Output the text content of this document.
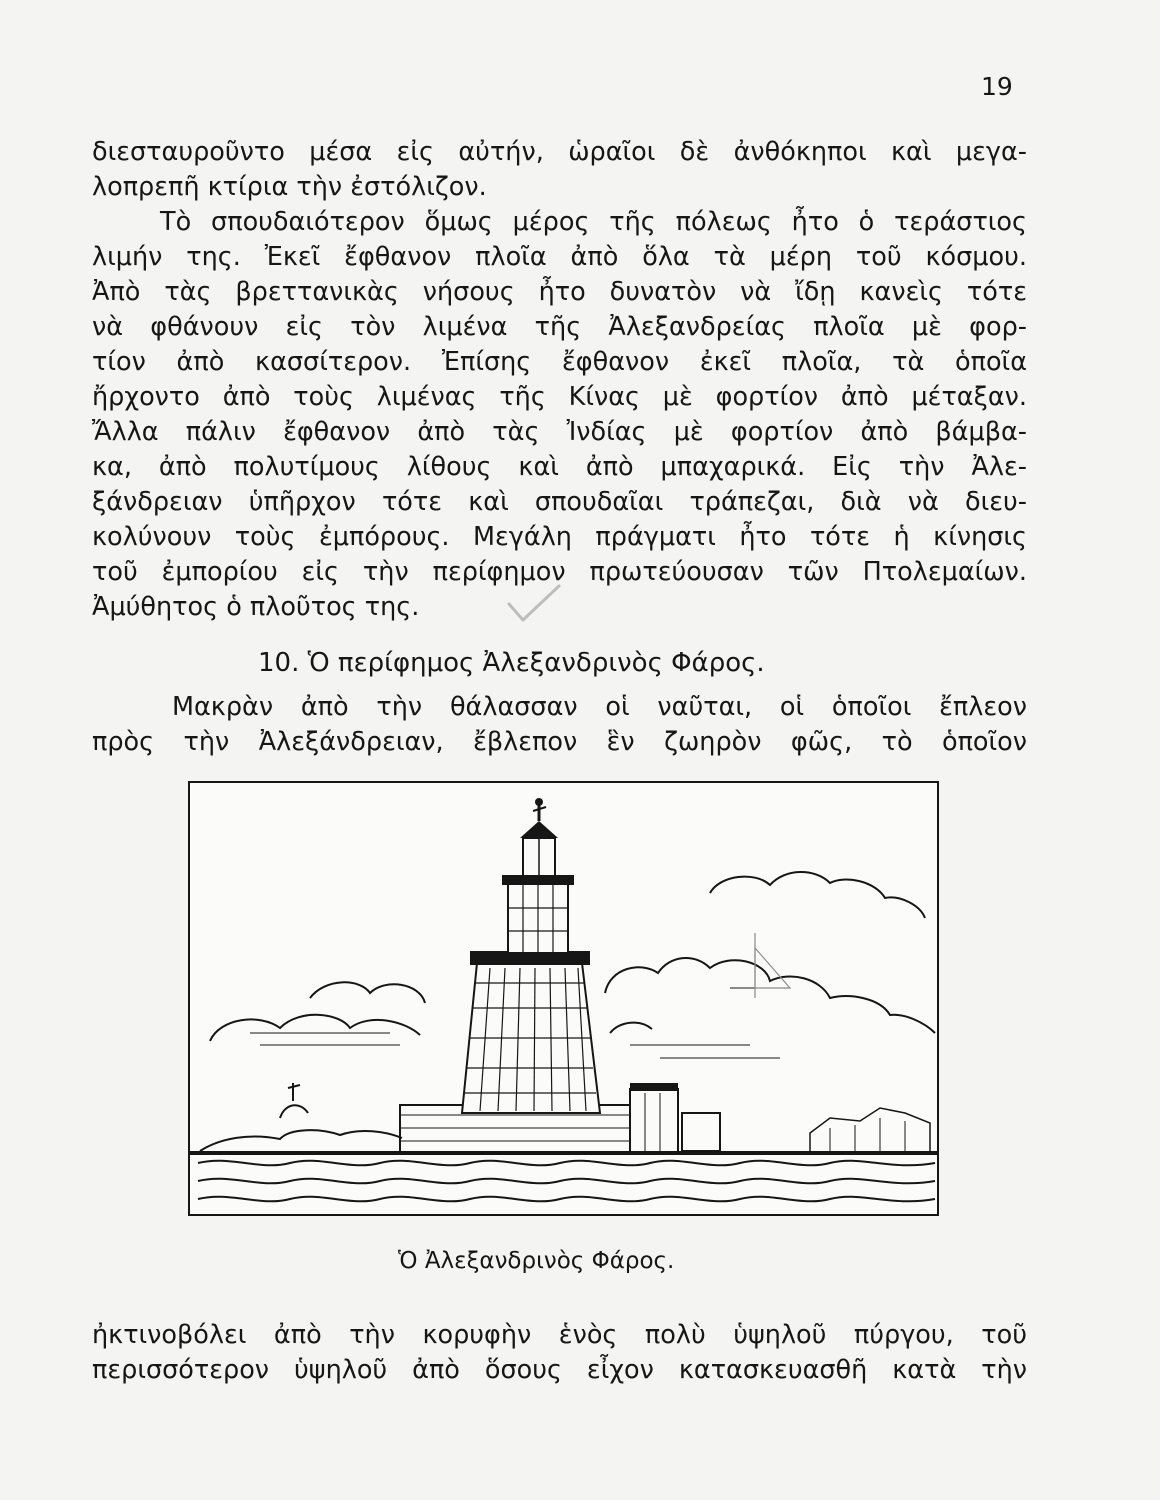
19
διεσταυροῦντο μέσα εἰς αὐτήν, ὡραῖοι δὲ ἀνθόκηποι καὶ μεγα-
λοπρεπῆ κτίρια τὴν ἐστόλιζον.
Τὸ σπουδαιότερον ὅμως μέρος τῆς πόλεως ἦτο ὁ τεράστιος
λιμήν της. Ἐκεῖ ἔφθανον πλοῖα ἀπὸ ὅλα τὰ μέρη τοῦ κόσμου.
Ἀπὸ τὰς βρεττανικὰς νήσους ἦτο δυνατὸν νὰ ἴδῃ κανεὶς τότε
νὰ φθάνουν εἰς τὸν λιμένα τῆς Ἀλεξανδρείας πλοῖα μὲ φορ-
τίον ἀπὸ κασσίτερον. Ἐπίσης ἔφθανον ἐκεῖ πλοῖα, τὰ ὁποῖα
ἤρχοντο ἀπὸ τοὺς λιμένας τῆς Κίνας μὲ φορτίον ἀπὸ μέταξαν.
Ἄλλα πάλιν ἔφθανον ἀπὸ τὰς Ἰνδίας μὲ φορτίον ἀπὸ βάμβα-
κα, ἀπὸ πολυτίμους λίθους καὶ ἀπὸ μπαχαρικά. Εἰς τὴν Ἀλε-
ξάνδρειαν ὑπῆρχον τότε καὶ σπουδαῖαι τράπεζαι, διὰ νὰ διευ-
κολύνουν τοὺς ἐμπόρους. Μεγάλη πράγματι ἦτο τότε ἡ κίνησις
τοῦ ἐμπορίου εἰς τὴν περίφημον πρωτεύουσαν τῶν Πτολεμαίων.
Ἀμύθητος ὁ πλοῦτος της.
Μακρὰν ἀπὸ τὴν θάλασσαν οἱ ναῦται, οἱ ὁποῖοι ἔπλεον
πρὸς τὴν Ἀλεξάνδρειαν, ἔβλεπον ἓν ζωηρὸν φῶς, τὸ ὁποῖον
ἠκτινοβόλει ἀπὸ τὴν κορυφὴν ἑνὸς πολὺ ὑψηλοῦ πύργου, τοῦ
περισσότερον ὑψηλοῦ ἀπὸ ὅσους εἶχον κατασκευασθῆ κατὰ τὴν
10. Ὁ περίφημος Ἀλεξανδρινὸς Φάρος.
Ὁ Ἀλεξανδρινὸς Φάρος.
